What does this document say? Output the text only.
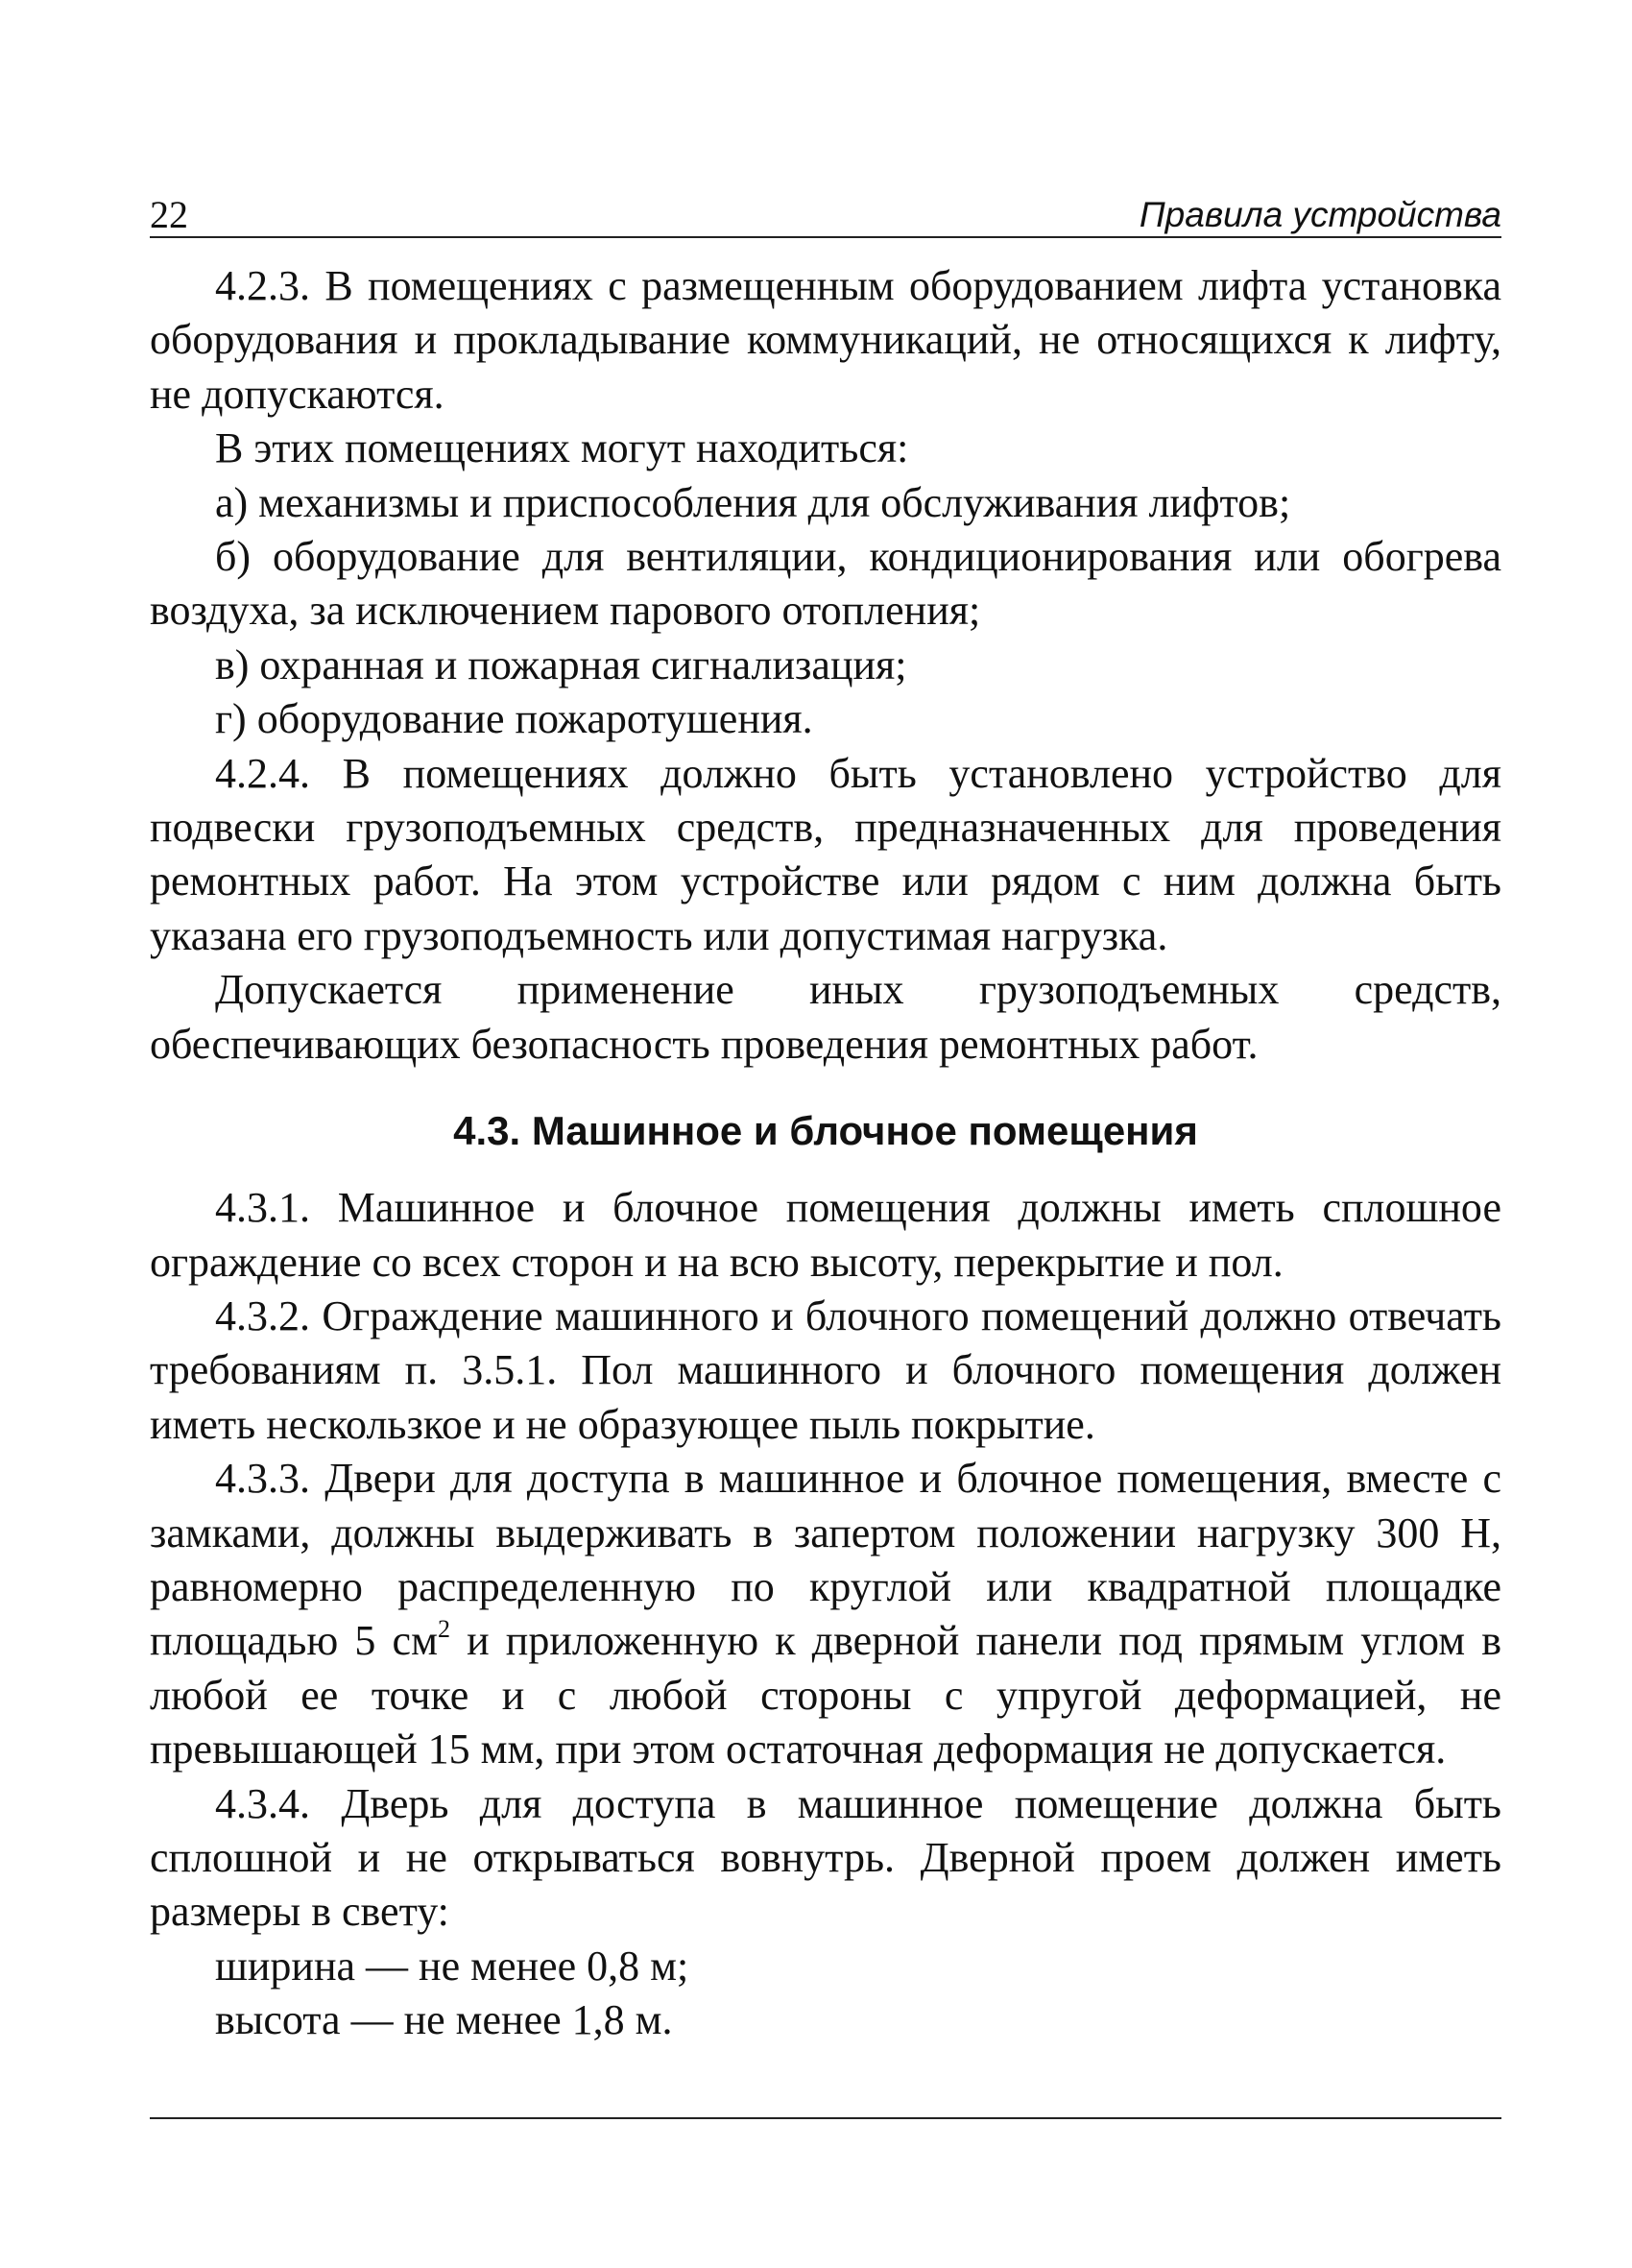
22	Правила устройства

4.2.3. В помещениях с размещенным оборудованием лифта установка оборудования и прокладывание коммуникаций, не относящихся к лифту, не допускаются.

В этих помещениях могут находиться:

а) механизмы и приспособления для обслуживания лифтов;

б) оборудование для вентиляции, кондиционирования или обогрева воздуха, за исключением парового отопления;

в) охранная и пожарная сигнализация;

г) оборудование пожаротушения.

4.2.4. В помещениях должно быть установлено устройство для подвески грузоподъемных средств, предназначенных для проведения ремонтных работ. На этом устройстве или рядом с ним должна быть указана его грузоподъемность или допустимая нагрузка.

Допускается применение иных грузоподъемных средств, обеспечивающих безопасность проведения ремонтных работ.

4.3. Машинное и блочное помещения

4.3.1. Машинное и блочное помещения должны иметь сплошное ограждение со всех сторон и на всю высоту, перекрытие и пол.

4.3.2. Ограждение машинного и блочного помещений должно отвечать требованиям п. 3.5.1. Пол машинного и блочного помещения должен иметь нескользкое и не образующее пыль покрытие.

4.3.3. Двери для доступа в машинное и блочное помещения, вместе с замками, должны выдерживать в запертом положении нагрузку 300 Н, равномерно распределенную по круглой или квадратной площадке площадью 5 $см^2$ и приложенную к дверной панели под прямым углом в любой ее точке и с любой стороны с упругой деформацией, не превышающей 15 мм, при этом остаточная деформация не допускается.

4.3.4. Дверь для доступа в машинное помещение должна быть сплошной и не открываться вовнутрь. Дверной проем должен иметь размеры в свету:

ширина — не менее 0,8 м;

высота — не менее 1,8 м.
